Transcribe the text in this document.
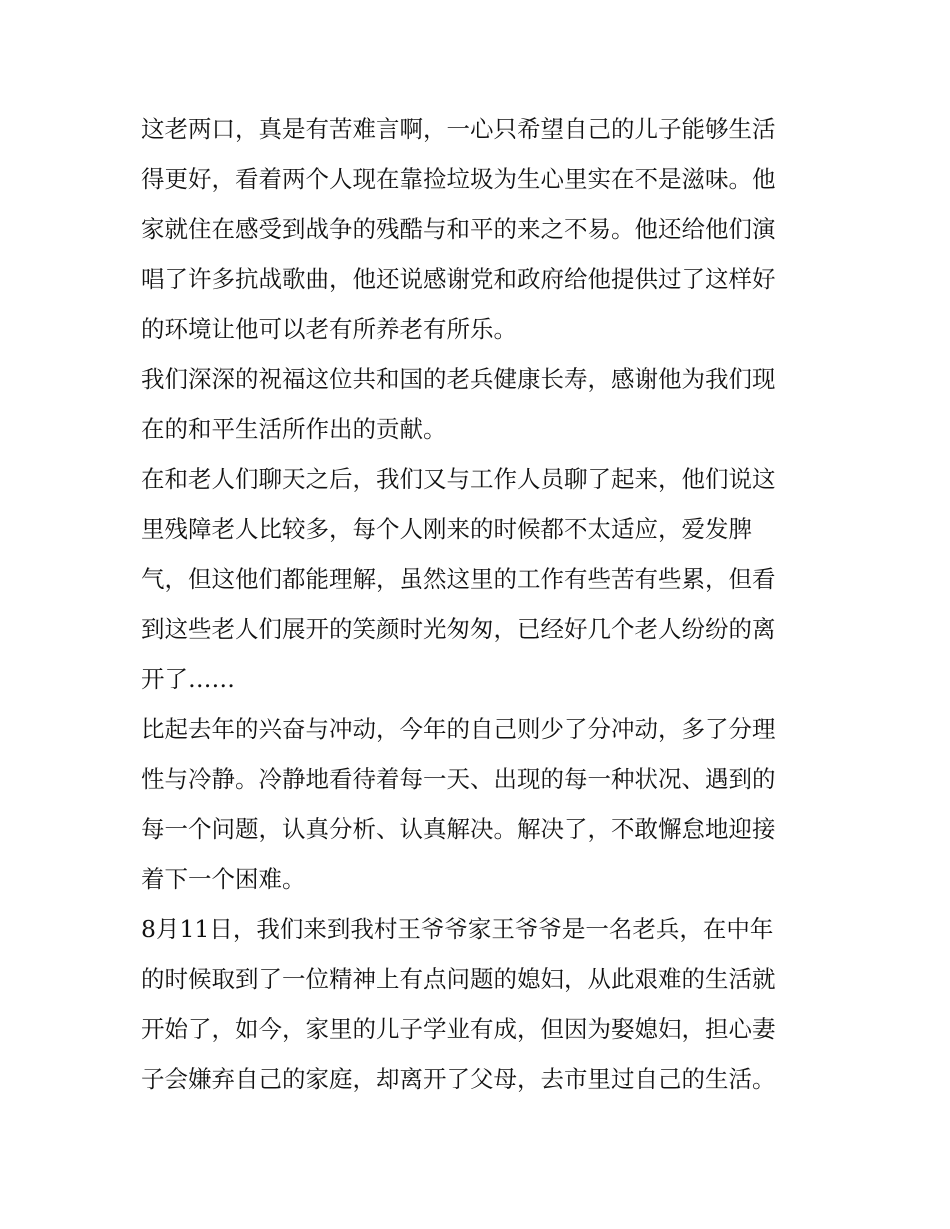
这老两口，真是有苦难言啊，一心只希望自己的儿子能够生活
得更好，看着两个人现在靠捡垃圾为生心里实在不是滋味。他
家就住在感受到战争的残酷与和平的来之不易。他还给他们演
唱了许多抗战歌曲，他还说感谢党和政府给他提供过了这样好
的环境让他可以老有所养老有所乐。
我们深深的祝福这位共和国的老兵健康长寿，感谢他为我们现
在的和平生活所作出的贡献。
在和老人们聊天之后，我们又与工作人员聊了起来，他们说这
里残障老人比较多，每个人刚来的时候都不太适应，爱发脾
气，但这他们都能理解，虽然这里的工作有些苦有些累，但看
到这些老人们展开的笑颜时光匆匆，已经好几个老人纷纷的离
开了……
比起去年的兴奋与冲动，今年的自己则少了分冲动，多了分理
性与冷静。冷静地看待着每一天、出现的每一种状况、遇到的
每一个问题，认真分析、认真解决。解决了，不敢懈怠地迎接
着下一个困难。
8月11日，我们来到我村王爷爷家王爷爷是一名老兵，在中年
的时候取到了一位精神上有点问题的媳妇，从此艰难的生活就
开始了，如今，家里的儿子学业有成，但因为娶媳妇，担心妻
子会嫌弃自己的家庭，却离开了父母，去市里过自己的生活。
